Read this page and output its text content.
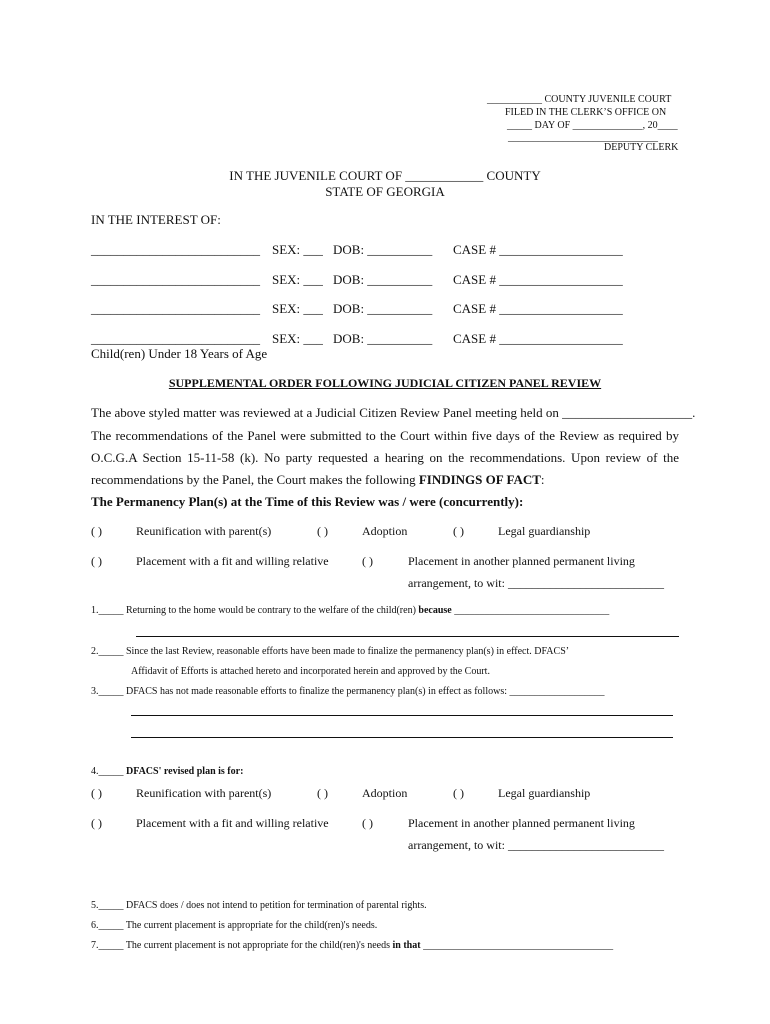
___________ COUNTY JUVENILE COURT
FILED IN THE CLERK’S OFFICE ON
_____ DAY OF ______________, 20____
______________________________
DEPUTY CLERK
IN THE JUVENILE COURT OF ____________ COUNTY
STATE OF GEORGIA
IN THE INTEREST OF:
__________________________ SEX: ___ DOB: __________ CASE # ___________________
__________________________ SEX: ___ DOB: __________ CASE # ___________________
__________________________ SEX: ___ DOB: __________ CASE # ___________________
__________________________ SEX: ___ DOB: __________ CASE # ___________________
Child(ren) Under 18 Years of Age
SUPPLEMENTAL ORDER FOLLOWING JUDICIAL CITIZEN PANEL REVIEW
The above styled matter was reviewed at a Judicial Citizen Review Panel meeting held on ____________________.
The recommendations of the Panel were submitted to the Court within five days of the Review as required by
O.C.G.A Section 15-11-58 (k). No party requested a hearing on the recommendations. Upon review of the
recommendations by the Panel, the Court makes the following FINDINGS OF FACT:
The Permanency Plan(s) at the Time of this Review was / were (concurrently):
( )	Reunification with parent(s)	( )	Adoption	( )	Legal guardianship
( )	Placement with a fit and willing relative	( )	Placement in another planned permanent living
arrangement, to wit: __________________________
1._____ Returning to the home would be contrary to the welfare of the child(ren) because _______________________________
2._____ Since the last Review, reasonable efforts have been made to finalize the permanency plan(s) in effect. DFACS’
Affidavit of Efforts is attached hereto and incorporated herein and approved by the Court.
3._____ DFACS has not made reasonable efforts to finalize the permanency plan(s) in effect as follows: ___________________
4._____ DFACS' revised plan is for:
( )	Reunification with parent(s)	( )	Adoption	( )	Legal guardianship
( )	Placement with a fit and willing relative	( )	Placement in another planned permanent living
arrangement, to wit: __________________________
5._____ DFACS does / does not intend to petition for termination of parental rights.
6._____ The current placement is appropriate for the child(ren)'s needs.
7._____ The current placement is not appropriate for the child(ren)'s needs in that ______________________________________
